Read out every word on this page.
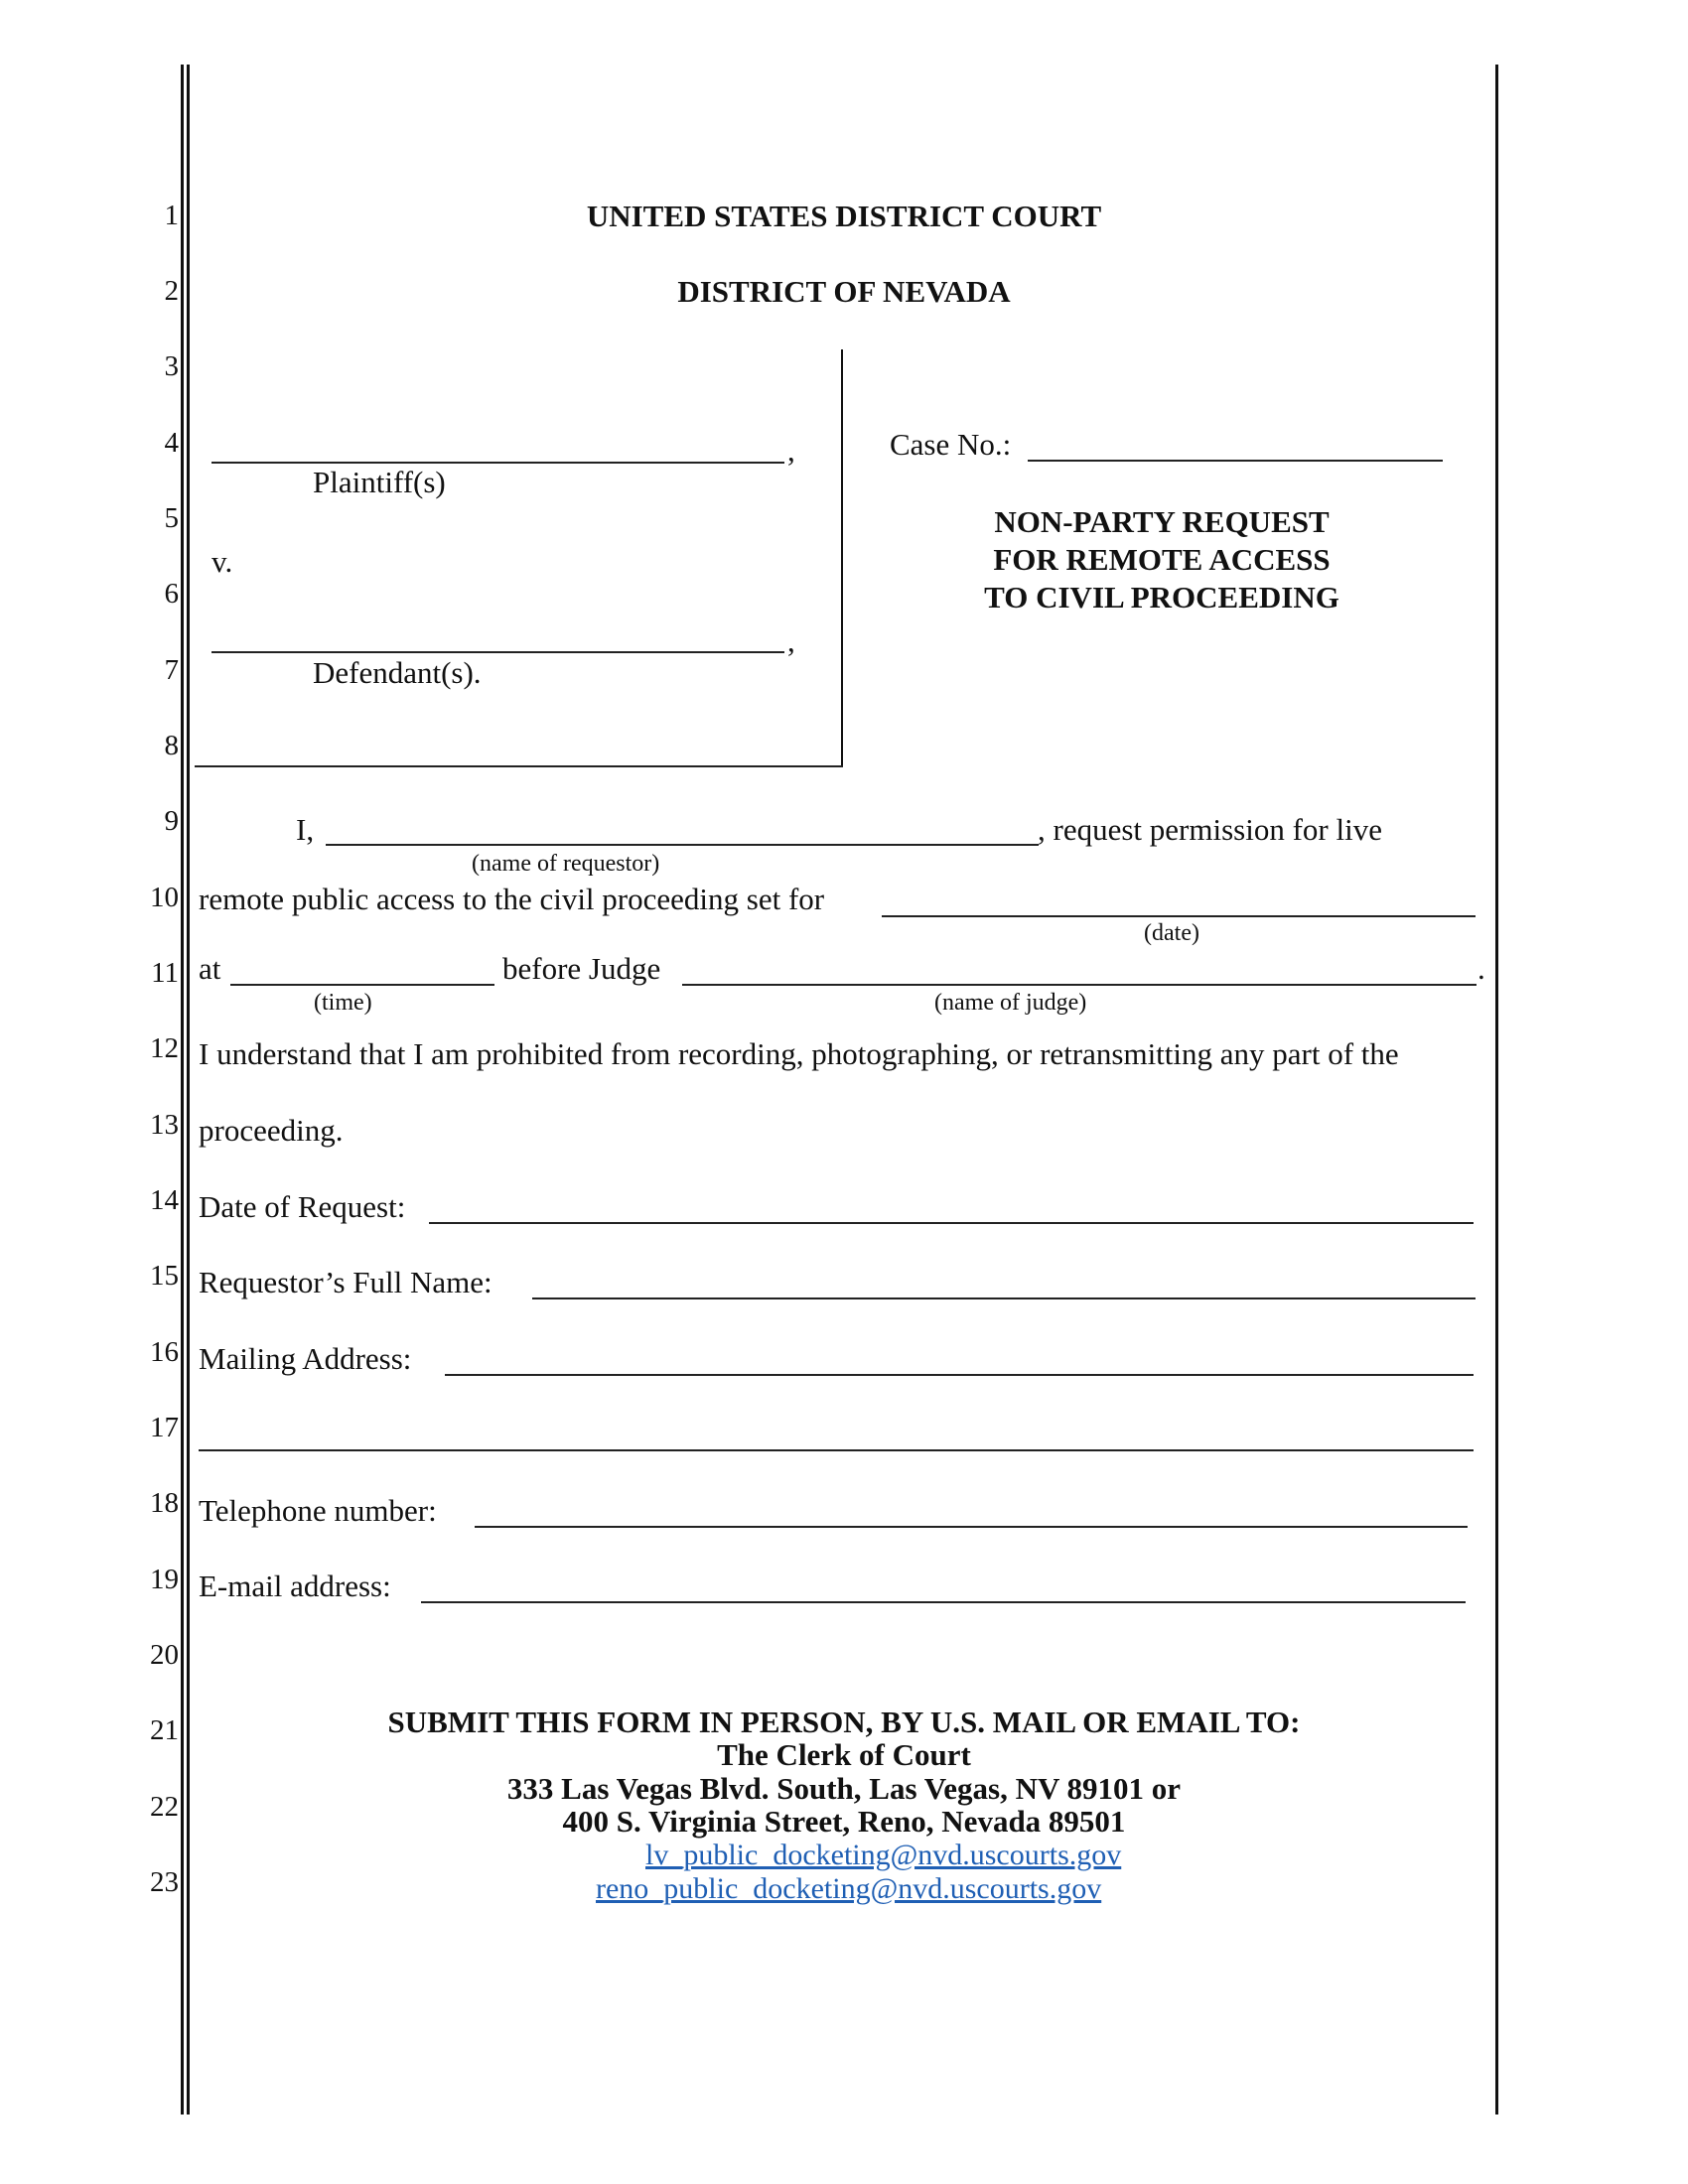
1
2
3
4
5
6
7
8
9
10
11
12
13
14
15
16
17
18
19
20
21
22
23
UNITED STATES DISTRICT COURT
DISTRICT OF NEVADA
,
Plaintiff(s)
v.
,
Defendant(s).
Case No.:
NON-PARTY REQUEST
FOR REMOTE ACCESS
TO CIVIL PROCEEDING
I,	, request permission for live
(name of requestor)
remote public access to the civil proceeding set for
(date)
at	before Judge	.
(time)	(name of judge)
I understand that I am prohibited from recording, photographing, or retransmitting any part of the
proceeding.
Date of Request:
Requestor’s Full Name:
Mailing Address:
Telephone number:
E-mail address:
SUBMIT THIS FORM IN PERSON, BY U.S. MAIL OR EMAIL TO:
The Clerk of Court
333 Las Vegas Blvd. South, Las Vegas, NV 89101 or
400 S. Virginia Street, Reno, Nevada 89501
lv_public_docketing@nvd.uscourts.gov
reno_public_docketing@nvd.uscourts.gov
